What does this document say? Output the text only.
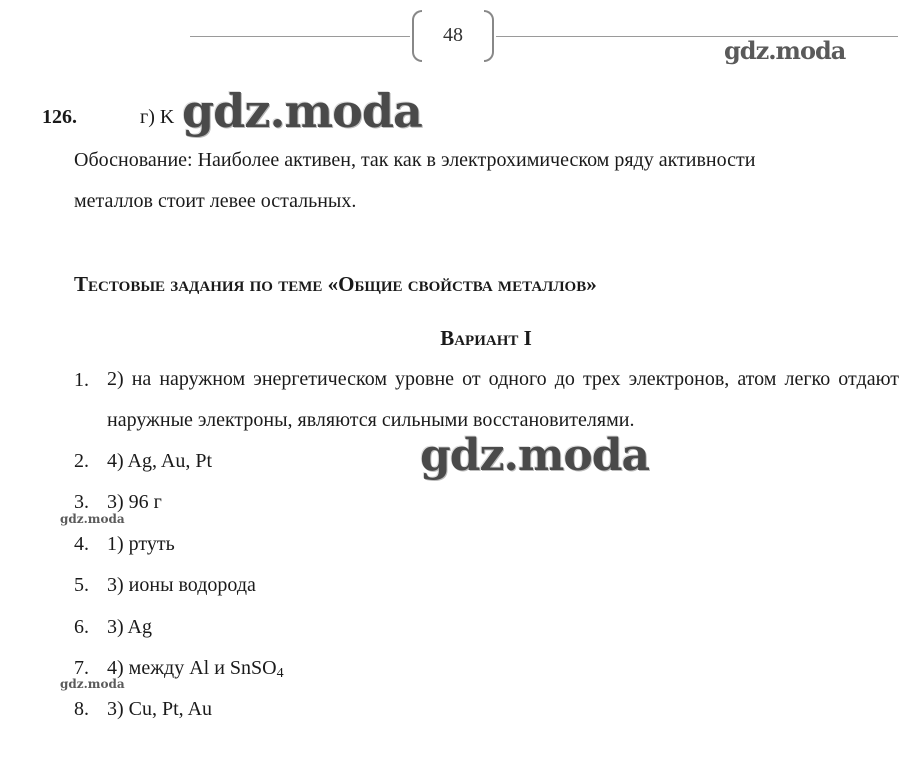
48
gdz.moda
126.	г) K gdz.moda
Обоснование: Наиболее активен, так как в электрохимическом ряду активности
металлов стоит левее остальных.
Тестовые задания по теме «Общие свойства металлов»
Вариант I
1. 2) на наружном энергетическом уровне от одного до трех электронов, атом легко отдают наружные электроны, являются сильными восстановителями.
2. 4) Ag, Au, Pt	gdz.moda
3. 3) 96 г
gdz.moda
4. 1) ртуть
5. 3) ионы водорода
6. 3) Ag
7. 4) между Al и SnSO$_4$
gdz.moda
8. 3) Cu, Pt, Au
